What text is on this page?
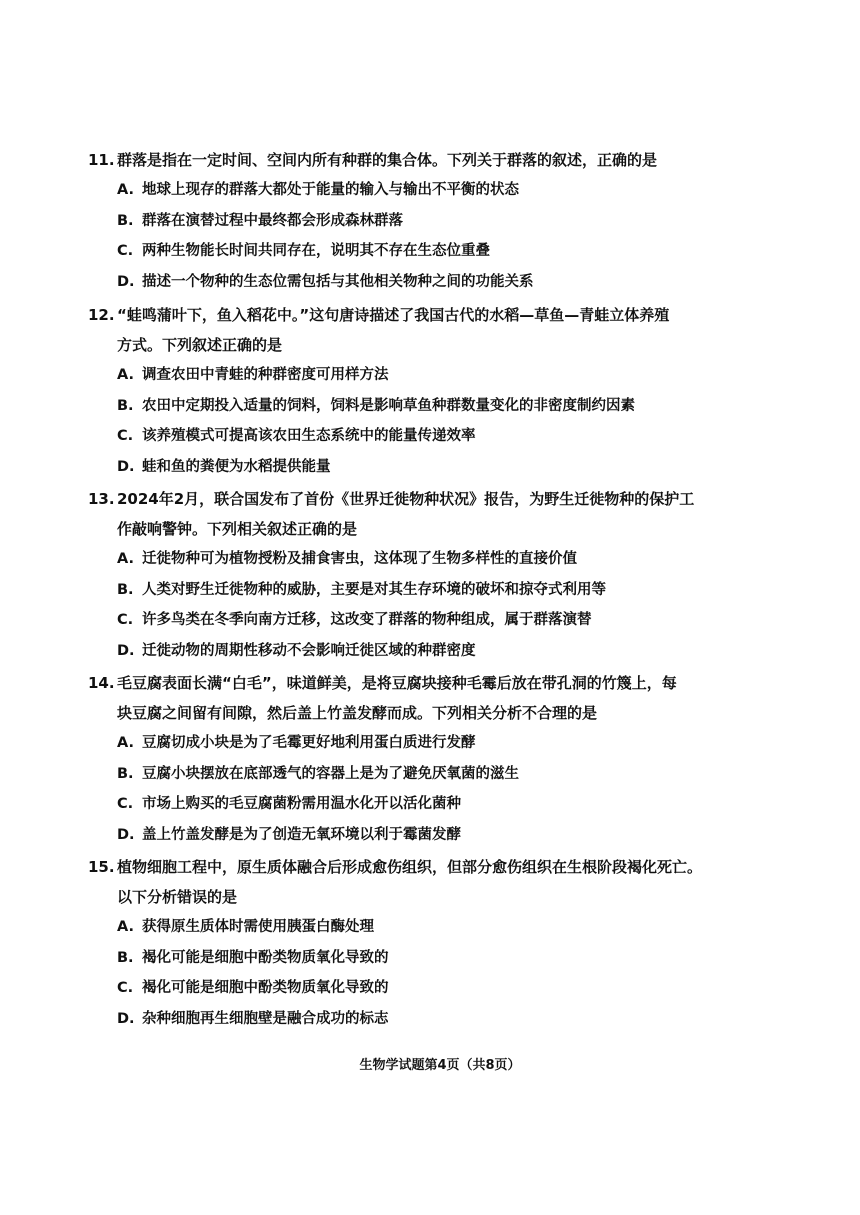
11. 群落是指在一定时间、空间内所有种群的集合体。下列关于群落的叙述，正确的是
A. 地球上现存的群落大都处于能量的输入与输出不平衡的状态
B. 群落在演替过程中最终都会形成森林群落
C. 两种生物能长时间共同存在，说明其不存在生态位重叠
D. 描述一个物种的生态位需包括与其他相关物种之间的功能关系
12. “蛙鸣蒲叶下，鱼入稻花中。”这句唐诗描述了我国古代的水稻—草鱼—青蛙立体养殖
方式。下列叙述正确的是
A. 调查农田中青蛙的种群密度可用样方法
B. 农田中定期投入适量的饲料，饲料是影响草鱼种群数量变化的非密度制约因素
C. 该养殖模式可提高该农田生态系统中的能量传递效率
D. 蛙和鱼的粪便为水稻提供能量
13. 2024年2月，联合国发布了首份《世界迁徙物种状况》报告，为野生迁徙物种的保护工
作敲响警钟。下列相关叙述正确的是
A. 迁徙物种可为植物授粉及捕食害虫，这体现了生物多样性的直接价值
B. 人类对野生迁徙物种的威胁，主要是对其生存环境的破坏和掠夺式利用等
C. 许多鸟类在冬季向南方迁移，这改变了群落的物种组成，属于群落演替
D. 迁徙动物的周期性移动不会影响迁徙区域的种群密度
14. 毛豆腐表面长满“白毛”，味道鲜美，是将豆腐块接种毛霉后放在带孔洞的竹篾上，每
块豆腐之间留有间隙，然后盖上竹盖发酵而成。下列相关分析不合理的是
A. 豆腐切成小块是为了毛霉更好地利用蛋白质进行发酵
B. 豆腐小块摆放在底部透气的容器上是为了避免厌氧菌的滋生
C. 市场上购买的毛豆腐菌粉需用温水化开以活化菌种
D. 盖上竹盖发酵是为了创造无氧环境以利于霉菌发酵
15. 植物细胞工程中，原生质体融合后形成愈伤组织，但部分愈伤组织在生根阶段褐化死亡。
以下分析错误的是
A. 获得原生质体时需使用胰蛋白酶处理
B. 褐化可能是细胞中酚类物质氧化导致的
C. 褐化可能是细胞中酚类物质氧化导致的
D. 杂种细胞再生细胞壁是融合成功的标志
生物学试题第4页（共8页）
